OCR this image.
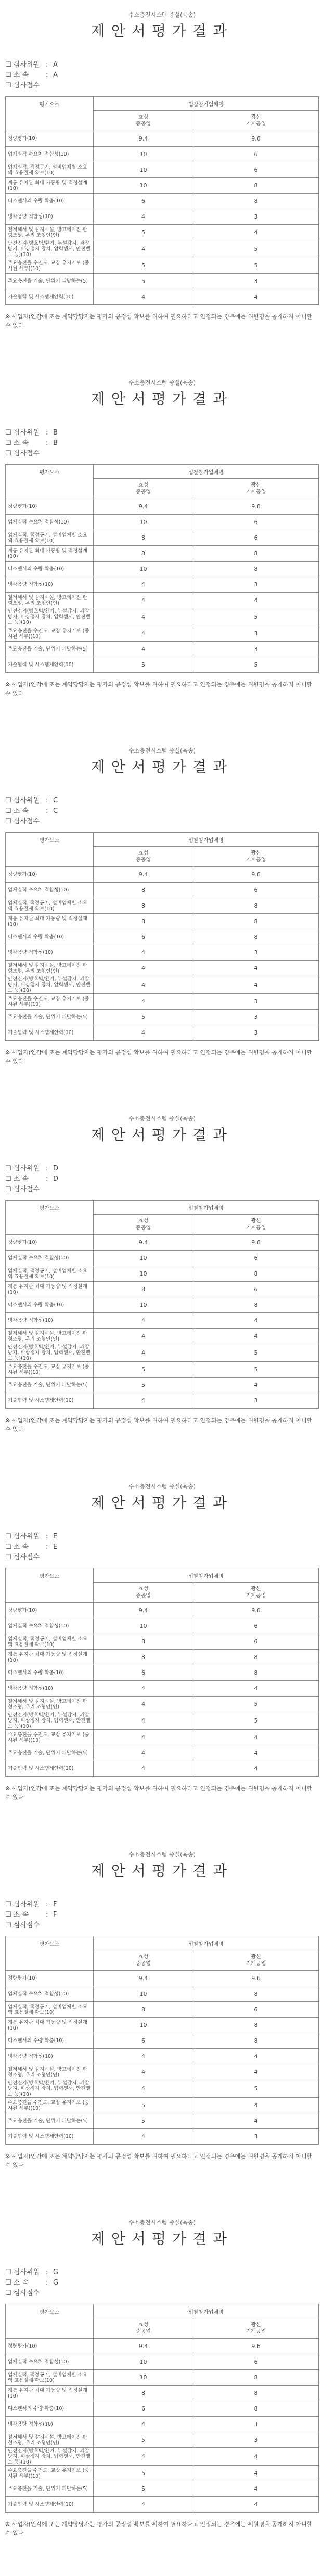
수소충전시스템 중설(육송)
제안서평가결과
☐ 심사위원 : A
☐ 소 속	: A
☐ 심사점수
평가요소	입찰참가업체명	
	효성
중공업	광신
기계공업
정량평가(10)	9.4	9.6
업체실적 수요처 적합성(10)	10	6
업체실적, 적정공기, 설비업체별 소요액 효용절세 확보(10)	10	6
계통 유지관 최대 가동량 및 적정설계(10)	10	8
디스펜서의 수량 확충(10)	6	8
냉각용량 적합성(10)	4	3
철저해서 및 감지시설, 방고에이진 판형조형, 우리 조형인(인)	5	4
안전진지(방호벽/환기, 누설감지, 과압방지, 비상정지 장치, 압력센서, 안전밸브 등)(10)	4	5
주요충전을 수진도, 교장 유지기보 (중시된 세부)(10)	5	5
주요충전을 기술, 단위기 피발하는(5)	5	3
기술협력 및 시스템제안력(10)	4	4
※ 사업자(인감에 또는 계약당당자는 평가의 공정성 확보를 위하여 필요하다고 인정되는 경우에는 위원명을 공개하지 아니할 수 있다
수소충전시스템 중설(육송)
제안서평가결과
☐ 심사위원 : B
☐ 소 속	: B
☐ 심사점수
평가요소	입찰참가업체명	
	효성
중공업	광신
기계공업
정량평가(10)	9.4	9.6
업체실적 수요처 적합성(10)	10	6
업체실적, 적정공기, 설비업체별 소요액 효용절세 확보(10)	8	6
계통 유지관 최대 가동량 및 적정설계(10)	8	8
디스펜서의 수량 확충(10)	10	8
냉각용량 적합성(10)	4	3
철저해서 및 감지시설, 방고에이진 판형조형, 우리 조형인(인)	4	4
안전진지(방호벽/환기, 누설감지, 과압방지, 비상정지 장치, 압력센서, 안전밸브 등)(10)	4	5
주요충전을 수진도, 교장 유지기보 (중시된 세부)(10)	4	3
주요충전을 기술, 단위기 피발하는(5)	4	3
기술협력 및 시스템제안력(10)	5	5
※ 사업자(인감에 또는 계약당당자는 평가의 공정성 확보를 위하여 필요하다고 인정되는 경우에는 위원명을 공개하지 아니할 수 있다
수소충전시스템 중설(육송)
제안서평가결과
☐ 심사위원 : C
☐ 소 속	: C
☐ 심사점수
평가요소	입찰참가업체명	
	효성
중공업	광신
기계공업
정량평가(10)	9.4	9.6
업체실적 수요처 적합성(10)	8	6
업체실적, 적정공기, 설비업체별 소요액 효용절세 확보(10)	8	8
계통 유지관 최대 가동량 및 적정설계(10)	8	8
디스펜서의 수량 확충(10)	6	8
냉각용량 적합성(10)	4	3
철저해서 및 감지시설, 방고에이진 판형조형, 우리 조형인(인)	4	4
안전진지(방호벽/환기, 누설감지, 과압방지, 비상정지 장치, 압력센서, 안전밸브 등)(10)	4	4
주요충전을 수진도, 교장 유지기보 (중시된 세부)(10)	4	3
주요충전을 기술, 단위기 피발하는(5)	5	3
기술협력 및 시스템제안력(10)	4	3
※ 사업자(인감에 또는 계약당당자는 평가의 공정성 확보를 위하여 필요하다고 인정되는 경우에는 위원명을 공개하지 아니할 수 있다
수소충전시스템 중설(육송)
제안서평가결과
☐ 심사위원 : D
☐ 소 속	: D
☐ 심사점수
평가요소	입찰참가업체명	
	효성
중공업	광신
기계공업
정량평가(10)	9.4	9.6
업체실적 수요처 적합성(10)	10	6
업체실적, 적정공기, 설비업체별 소요액 효용절세 확보(10)	10	8
계통 유지관 최대 가동량 및 적정설계(10)	8	6
디스펜서의 수량 확충(10)	10	8
냉각용량 적합성(10)	4	4
철저해서 및 감지시설, 방고에이진 판형조형, 우리 조형인(인)	4	4
안전진지(방호벽/환기, 누설감지, 과압방지, 비상정지 장치, 압력센서, 안전밸브 등)(10)	4	5
주요충전을 수진도, 교장 유지기보 (중시된 세부)(10)	5	5
주요충전을 기술, 단위기 피발하는(5)	5	4
기술협력 및 시스템제안력(10)	4	3
※ 사업자(인감에 또는 계약당당자는 평가의 공정성 확보를 위하여 필요하다고 인정되는 경우에는 위원명을 공개하지 아니할 수 있다
수소충전시스템 중설(육송)
제안서평가결과
☐ 심사위원 : E
☐ 소 속	: E
☐ 심사점수
평가요소	입찰참가업체명	
	효성
중공업	광신
기계공업
정량평가(10)	9.4	9.6
업체실적 수요처 적합성(10)	10	6
업체실적, 적정공기, 설비업체별 소요액 효용절세 확보(10)	8	6
계통 유지관 최대 가동량 및 적정설계(10)	8	8
디스펜서의 수량 확충(10)	6	8
냉각용량 적합성(10)	4	4
철저해서 및 감지시설, 방고에이진 판형조형, 우리 조형인(인)	4	5
안전진지(방호벽/환기, 누설감지, 과압방지, 비상정지 장치, 압력센서, 안전밸브 등)(10)	4	5
주요충전을 수진도, 교장 유지기보 (중시된 세부)(10)	4	4
주요충전을 기술, 단위기 피발하는(5)	4	4
기술협력 및 시스템제안력(10)	4	4
※ 사업자(인감에 또는 계약당당자는 평가의 공정성 확보를 위하여 필요하다고 인정되는 경우에는 위원명을 공개하지 아니할 수 있다
수소충전시스템 중설(육송)
제안서평가결과
☐ 심사위원 : F
☐ 소 속	: F
☐ 심사점수
평가요소	입찰참가업체명	
	효성
중공업	광신
기계공업
정량평가(10)	9.4	9.6
업체실적 수요처 적합성(10)	10	8
업체실적, 적정공기, 설비업체별 소요액 효용절세 확보(10)	8	6
계통 유지관 최대 가동량 및 적정설계(10)	10	8
디스펜서의 수량 확충(10)	6	8
냉각용량 적합성(10)	4	4
철저해서 및 감지시설, 방고에이진 판형조형, 우리 조형인(인)	4	4
안전진지(방호벽/환기, 누설감지, 과압방지, 비상정지 장치, 압력센서, 안전밸브 등)(10)	4	5
주요충전을 수진도, 교장 유지기보 (중시된 세부)(10)	5	4
주요충전을 기술, 단위기 피발하는(5)	5	4
기술협력 및 시스템제안력(10)	4	3
※ 사업자(인감에 또는 계약당당자는 평가의 공정성 확보를 위하여 필요하다고 인정되는 경우에는 위원명을 공개하지 아니할 수 있다
수소충전시스템 중설(육송)
제안서평가결과
☐ 심사위원 : G
☐ 소 속	: G
☐ 심사점수
평가요소	입찰참가업체명	
	효성
중공업	광신
기계공업
정량평가(10)	9.4	9.6
업체실적 수요처 적합성(10)	10	6
업체실적, 적정공기, 설비업체별 소요액 효용절세 확보(10)	10	8
계통 유지관 최대 가동량 및 적정설계(10)	8	8
디스펜서의 수량 확충(10)	6	8
냉각용량 적합성(10)	4	3
철저해서 및 감지시설, 방고에이진 판형조형, 우리 조형인(인)	5	3
안전진지(방호벽/환기, 누설감지, 과압방지, 비상정지 장치, 압력센서, 안전밸브 등)(10)	4	4
주요충전을 수진도, 교장 유지기보 (중시된 세부)(10)	5	4
주요충전을 기술, 단위기 피발하는(5)	5	4
기술협력 및 시스템제안력(10)	4	4
※ 사업자(인감에 또는 계약당당자는 평가의 공정성 확보를 위하여 필요하다고 인정되는 경우에는 위원명을 공개하지 아니할 수 있다
